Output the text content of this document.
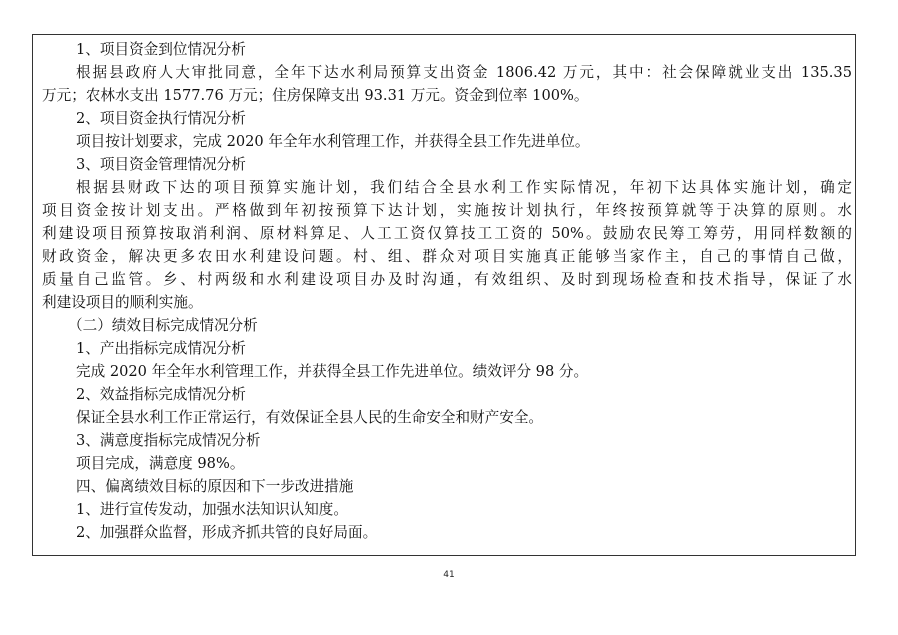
1、项目资金到位情况分析
根据县政府人大审批同意，全年下达水利局预算支出资金 1806.42 万元，其中：社会保障就业支出 135.35
万元；农林水支出 1577.76 万元；住房保障支出 93.31 万元。资金到位率 100%。
2、项目资金执行情况分析
项目按计划要求，完成 2020 年全年水利管理工作，并获得全县工作先进单位。
3、项目资金管理情况分析
根据县财政下达的项目预算实施计划，我们结合全县水利工作实际情况，年初下达具体实施计划，确定
项目资金按计划支出。严格做到年初按预算下达计划，实施按计划执行，年终按预算就等于决算的原则。水
利建设项目预算按取消利润、原材料算足、人工工资仅算技工工资的 50%。鼓励农民筹工筹劳，用同样数额的
财政资金，解决更多农田水利建设问题。村、组、群众对项目实施真正能够当家作主，自己的事情自己做，
质量自己监管。乡、村两级和水利建设项目办及时沟通，有效组织、及时到现场检查和技术指导，保证了水
利建设项目的顺利实施。
（二）绩效目标完成情况分析
1、产出指标完成情况分析
完成 2020 年全年水利管理工作，并获得全县工作先进单位。绩效评分 98 分。
2、效益指标完成情况分析
保证全县水利工作正常运行，有效保证全县人民的生命安全和财产安全。
3、满意度指标完成情况分析
项目完成，满意度 98%。
四、偏离绩效目标的原因和下一步改进措施
1、进行宣传发动，加强水法知识认知度。
2、加强群众监督，形成齐抓共管的良好局面。
41
